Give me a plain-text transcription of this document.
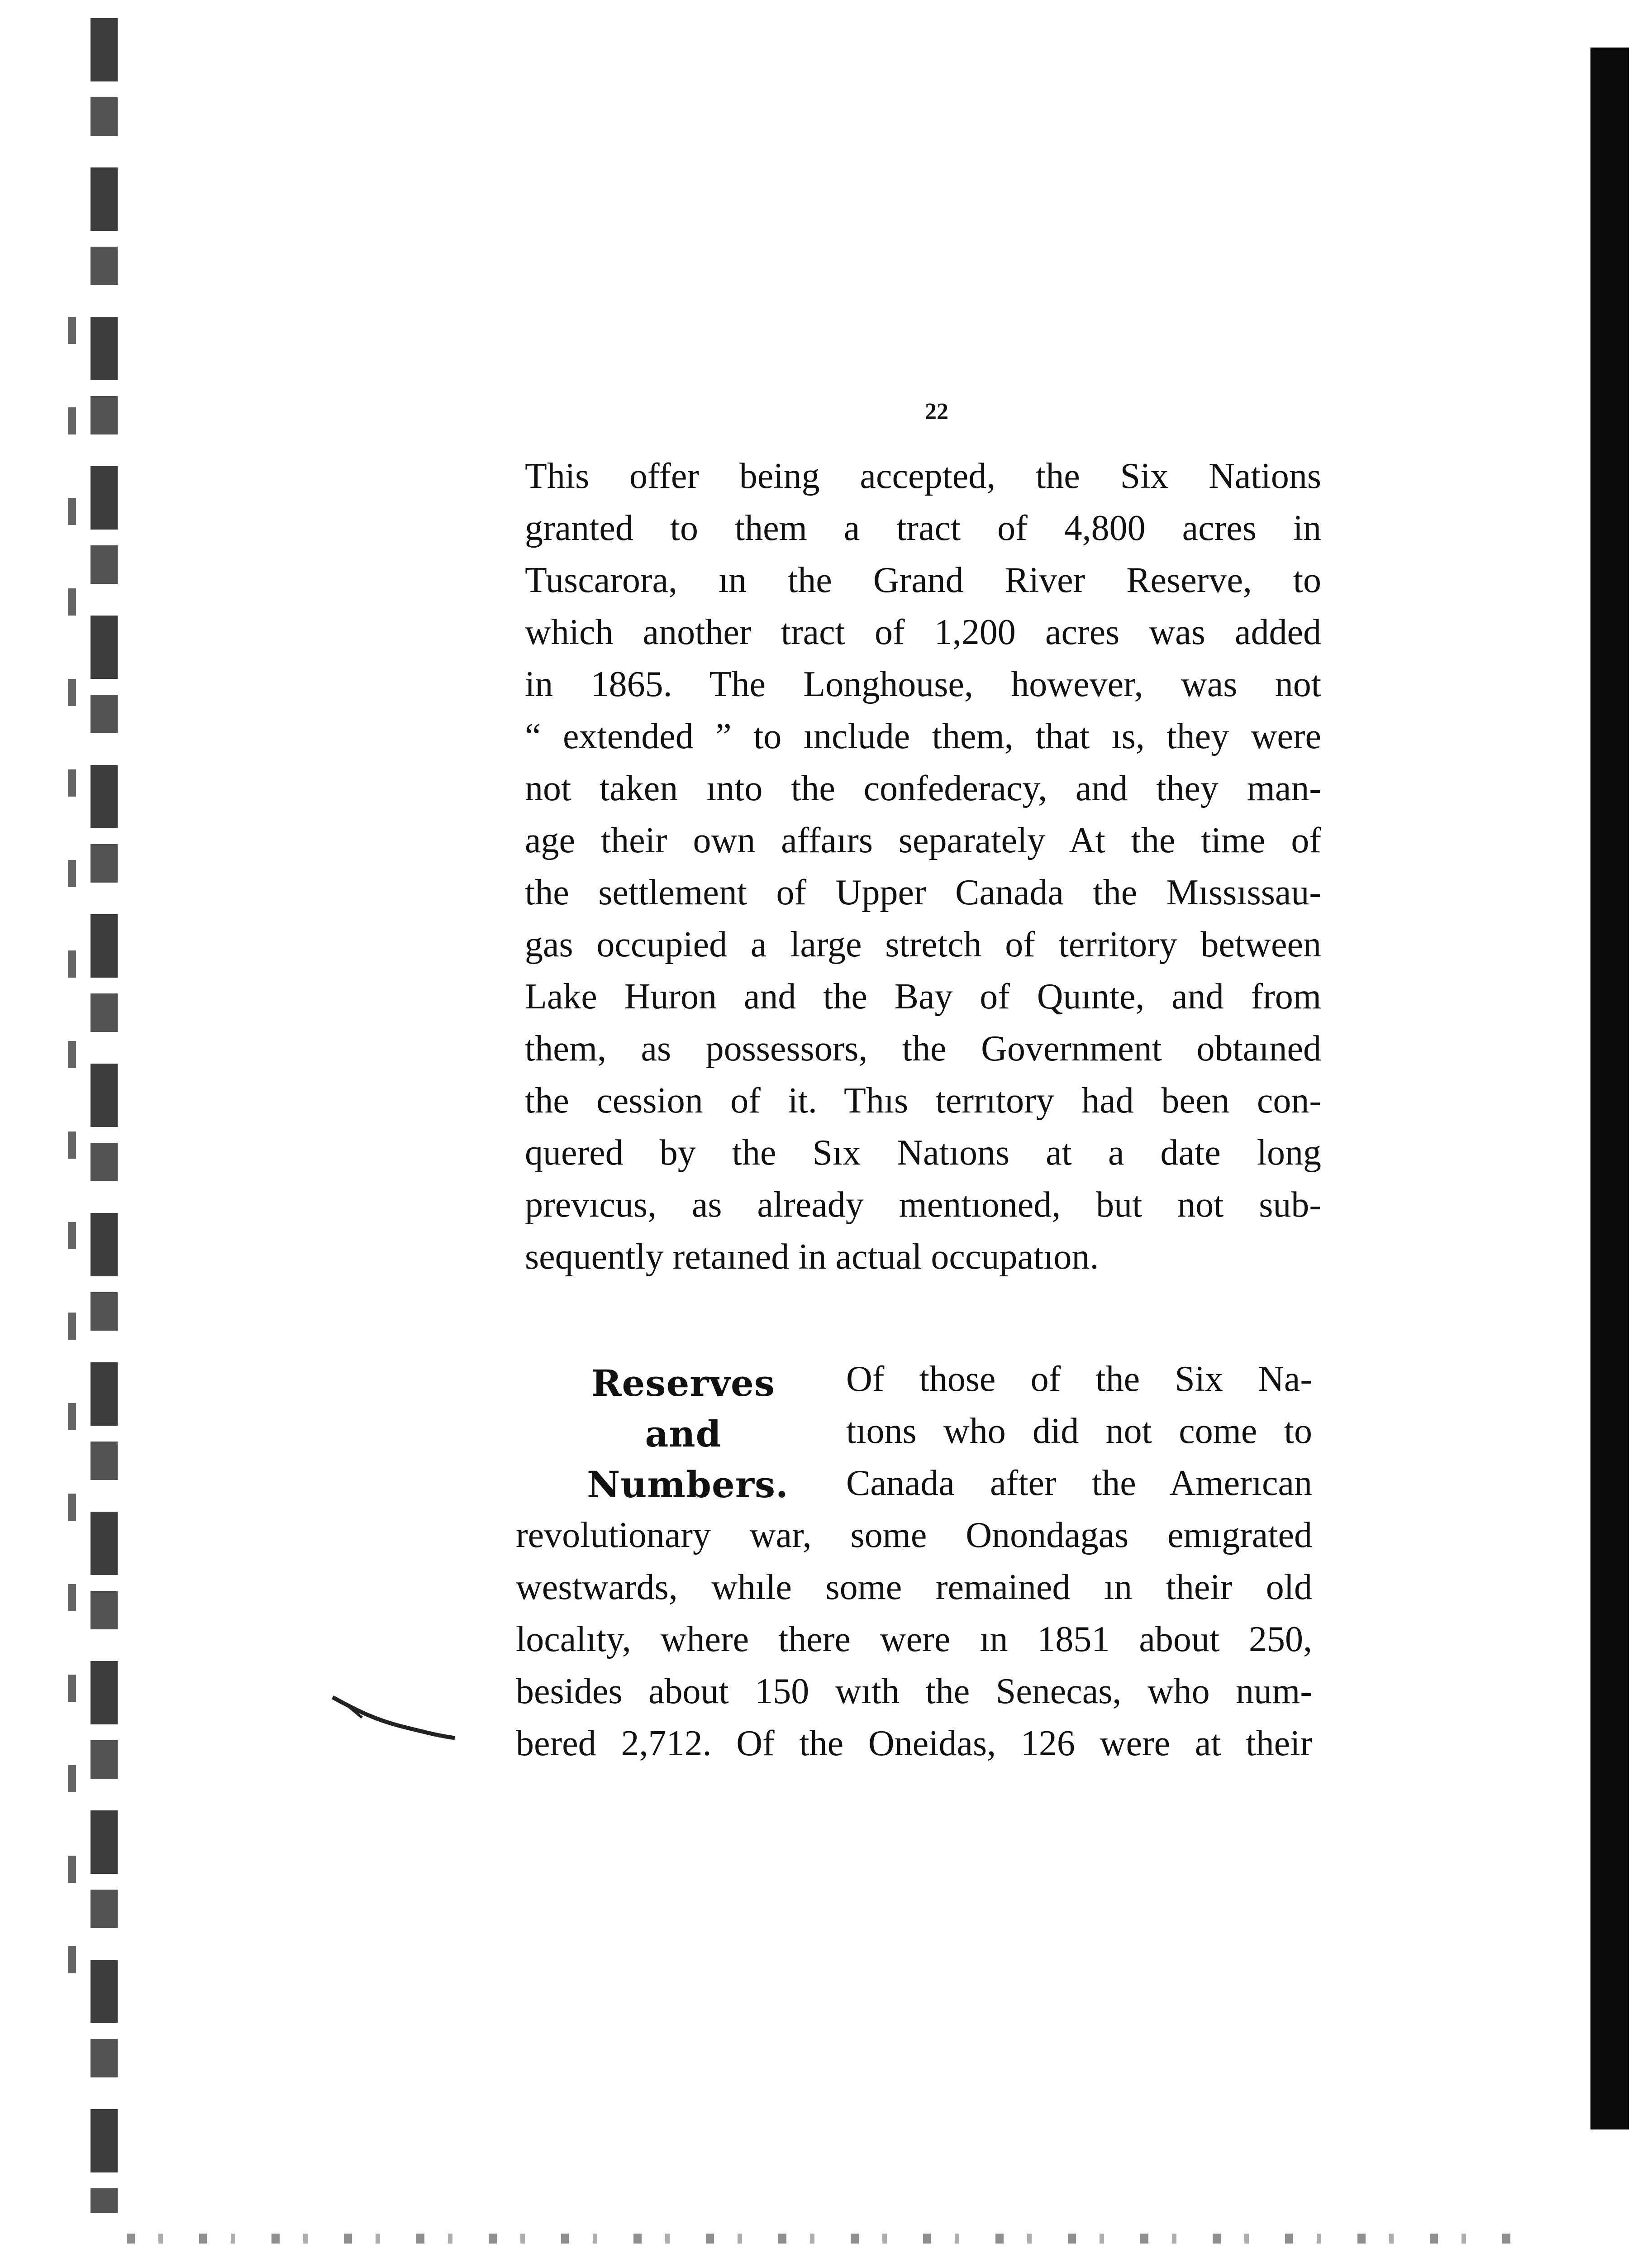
22
This offer being accepted, the Six Nations
granted to them a tract of 4,800 acres in
Tuscarora, ın the Grand River Reserve, to
which another tract of 1,200 acres was added
in 1865. The Longhouse, however, was not
“ extended ” to ınclude them, that ıs, they were
not taken ınto the confederacy, and they man-
age their own affaırs separately At the time of
the settlement of Upper Canada the Mıssıssau-
gas occupied a large stretch of territory between
Lake Huron and the Bay of Quınte, and from
them, as possessors, the Government obtaıned
the cession of it. Thıs terrıtory had been con-
quered by the Sıx Natıons at a date long
prevıcus, as already mentıoned, but not sub-
sequently retaıned in actual occupatıon.
Reserves and
Numbers.
Of those of the Six Na-
tıons who did not come to
Canada after the Amerıcan
revolutionary war, some Onondagas emıgrated
westwards, whıle some remained ın their old
localıty, where there were ın 1851 about 250,
besides about 150 wıth the Senecas, who num-
bered 2,712. Of the Oneidas, 126 were at their
